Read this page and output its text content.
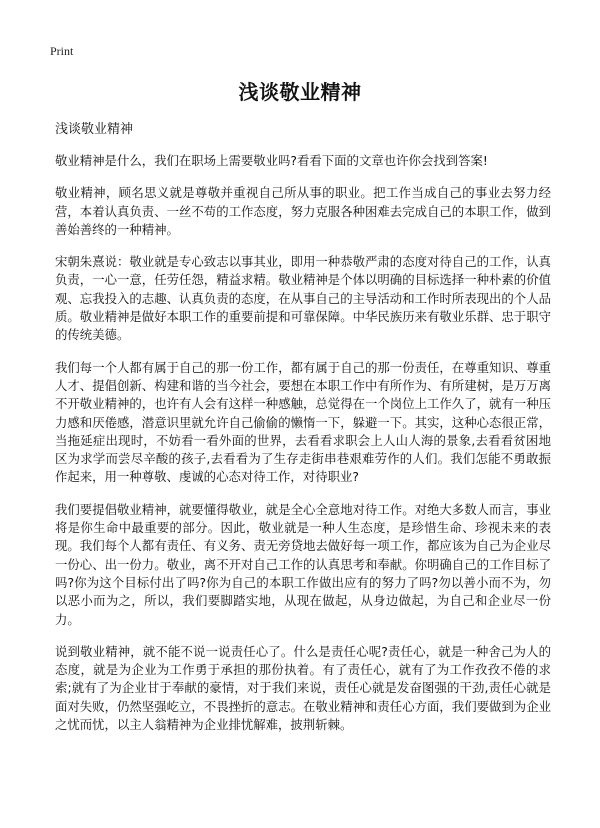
Print
浅谈敬业精神

浅谈敬业精神

敬业精神是什么，我们在职场上需要敬业吗?看看下面的文章也许你会找到答案!

敬业精神，顾名思义就是尊敬并重视自己所从事的职业。把工作当成自己的事业去努力经营，本着认真负责、一丝不苟的工作态度，努力克服各种困难去完成自己的本职工作，做到善始善终的一种精神。

宋朝朱熹说：敬业就是专心致志以事其业，即用一种恭敬严肃的态度对待自己的工作，认真负责，一心一意，任劳任怨，精益求精。敬业精神是个体以明确的目标选择一种朴素的价值观、忘我投入的志趣、认真负责的态度，在从事自己的主导活动和工作时所表现出的个人品质。敬业精神是做好本职工作的重要前提和可靠保障。中华民族历来有敬业乐群、忠于职守的传统美德。

我们每一个人都有属于自己的那一份工作，都有属于自己的那一份责任，在尊重知识、尊重人才、提倡创新、构建和谐的当今社会，要想在本职工作中有所作为、有所建树，是万万离不开敬业精神的，也许有人会有这样一种感触，总觉得在一个岗位上工作久了，就有一种压力感和厌倦感，潜意识里就允许自己偷偷的懒惰一下，躲避一下。其实，这种心态很正常，当拖延症出现时，不妨看一看外面的世界，去看看求职会上人山人海的景象,去看看贫困地区为求学而尝尽辛酸的孩子,去看看为了生存走街串巷艰难劳作的人们。我们怎能不勇敢振作起来，用一种尊敬、虔诚的心态对待工作，对待职业?

我们要提倡敬业精神，就要懂得敬业，就是全心全意地对待工作。对绝大多数人而言，事业将是你生命中最重要的部分。因此，敬业就是一种人生态度，是珍惜生命、珍视未来的表现。我们每个人都有责任、有义务、责无旁贷地去做好每一项工作，都应该为自己为企业尽一份心、出一份力。敬业，离不开对自己工作的认真思考和奉献。你明确自己的工作目标了吗?你为这个目标付出了吗?你为自己的本职工作做出应有的努力了吗?勿以善小而不为，勿以恶小而为之，所以，我们要脚踏实地，从现在做起，从身边做起，为自己和企业尽一份力。

说到敬业精神，就不能不说一说责任心了。什么是责任心呢?责任心，就是一种舍己为人的态度，就是为企业为工作勇于承担的那份执着。有了责任心，就有了为工作孜孜不倦的求索;就有了为企业甘于奉献的豪情，对于我们来说，责任心就是发奋图强的干劲,责任心就是面对失败，仍然坚强屹立，不畏挫折的意志。在敬业精神和责任心方面，我们要做到为企业之忧而忧，以主人翁精神为企业排忧解难，披荆斩棘。
